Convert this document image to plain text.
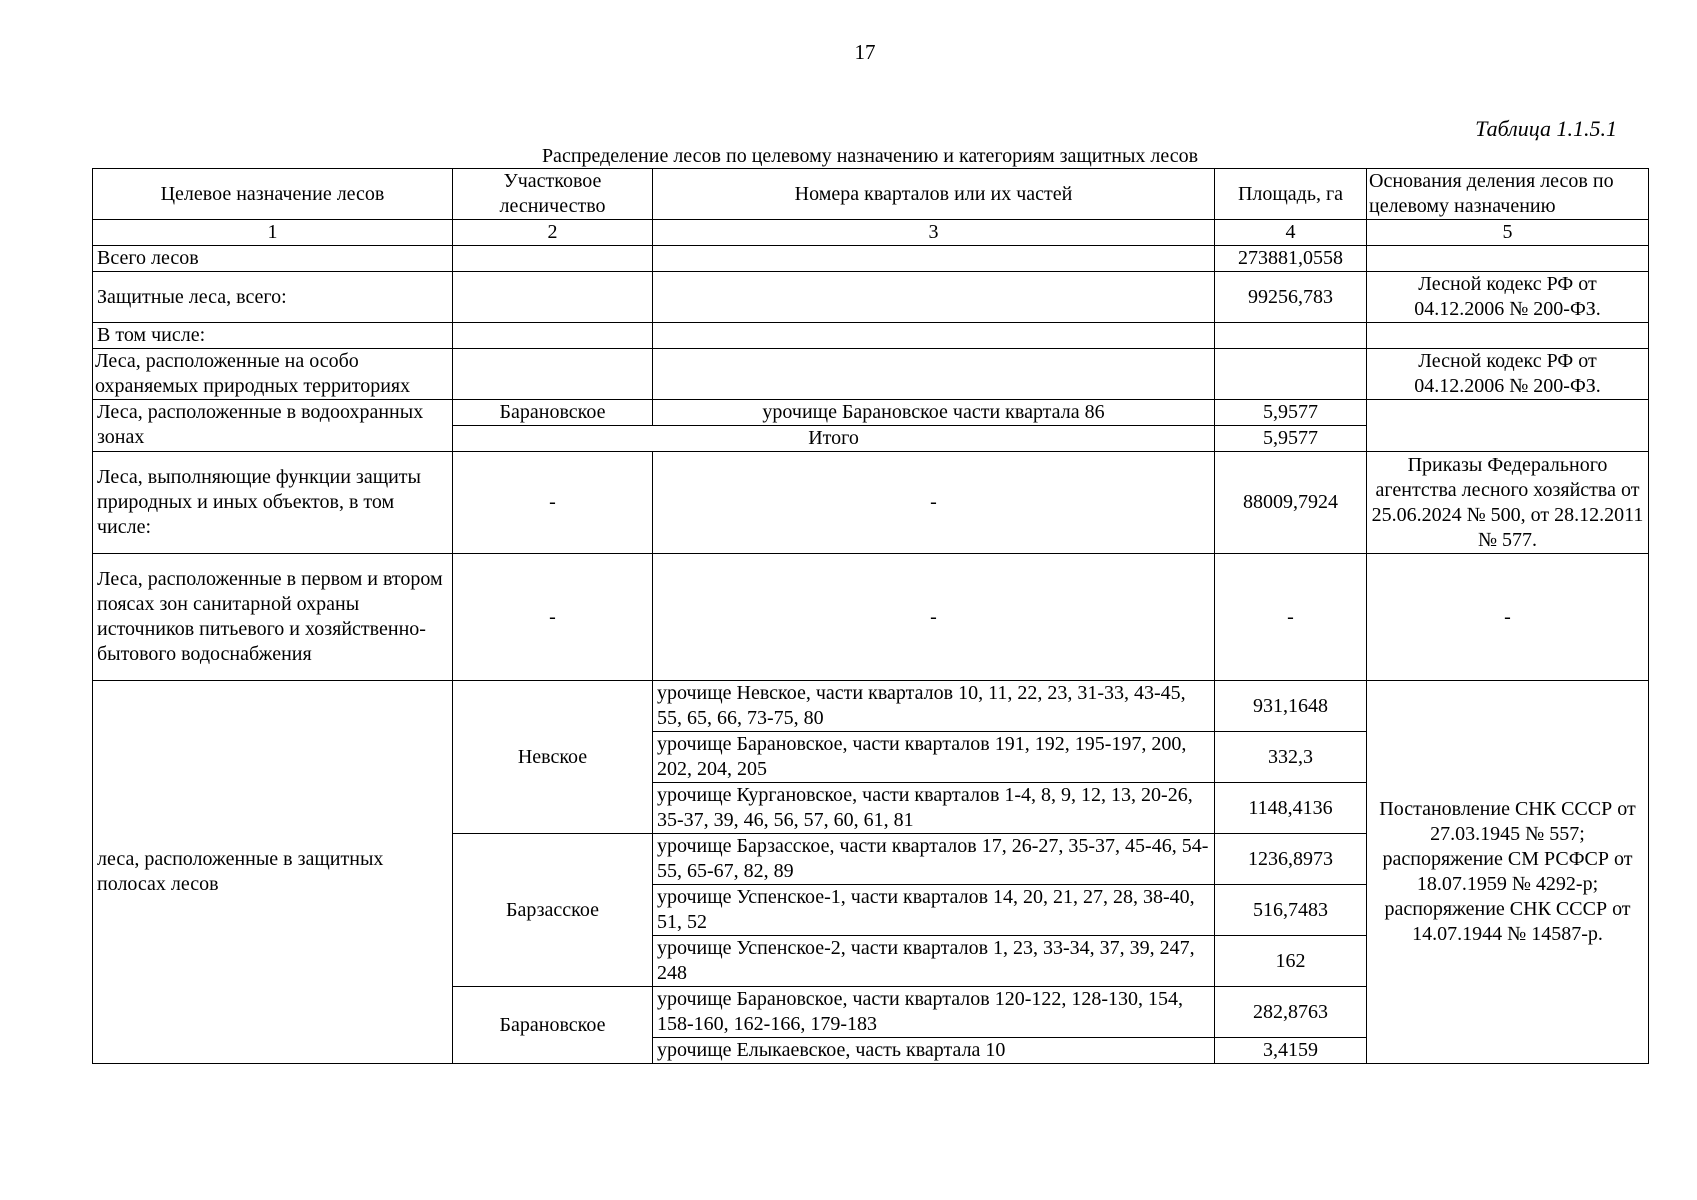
17
Таблица 1.1.5.1
Распределение лесов по целевому назначению и категориям защитных лесов
Целевое назначение лесов	Участковое лесничество	Номера кварталов или их частей	Площадь, га	Основания деления лесов по целевому назначению
1	2	3	4	5
Всего лесов			273881,0558	
Защитные леса, всего:			99256,783	Лесной кодекс РФ от 04.12.2006 № 200-ФЗ.
В том числе:				
Леса, расположенные на особо охраняемых природных территориях				Лесной кодекс РФ от 04.12.2006 № 200-ФЗ.
Леса, расположенные в водоохранных зонах	Барановское	урочище Барановское части квартала 86	5,9577	
	Итого		5,9577	
Леса, выполняющие функции защиты природных и иных объектов, в том числе:	-	-	88009,7924	Приказы Федерального агентства лесного хозяйства от 25.06.2024 № 500, от 28.12.2011 № 577.
Леса, расположенные в первом и втором поясах зон санитарной охраны источников питьевого и хозяйственно-бытового водоснабжения	-	-	-	-
леса, расположенные в защитных полосах лесов	Невское	урочище Невское, части кварталов 10, 11, 22, 23, 31-33, 43-45, 55, 65, 66, 73-75, 80	931,1648	Постановление СНК СССР от 27.03.1945 № 557; распоряжение СМ РСФСР от 18.07.1959 № 4292-р; распоряжение СНК СССР от 14.07.1944 № 14587-р.
		урочище Барановское, части кварталов 191, 192, 195-197, 200, 202, 204, 205	332,3	
		урочище Кургановское, части кварталов 1-4, 8, 9, 12, 13, 20-26, 35-37, 39, 46, 56, 57, 60, 61, 81	1148,4136	
	Барзасское	урочище Барзасское, части кварталов 17, 26-27, 35-37, 45-46, 54-55, 65-67, 82, 89	1236,8973	
		урочище Успенское-1, части кварталов 14, 20, 21, 27, 28, 38-40, 51, 52	516,7483	
		урочище Успенское-2, части кварталов 1, 23, 33-34, 37, 39, 247, 248	162	
	Барановское	урочище Барановское, части кварталов 120-122, 128-130, 154, 158-160, 162-166, 179-183	282,8763	
		урочище Елыкаевское, часть квартала 10	3,4159	
